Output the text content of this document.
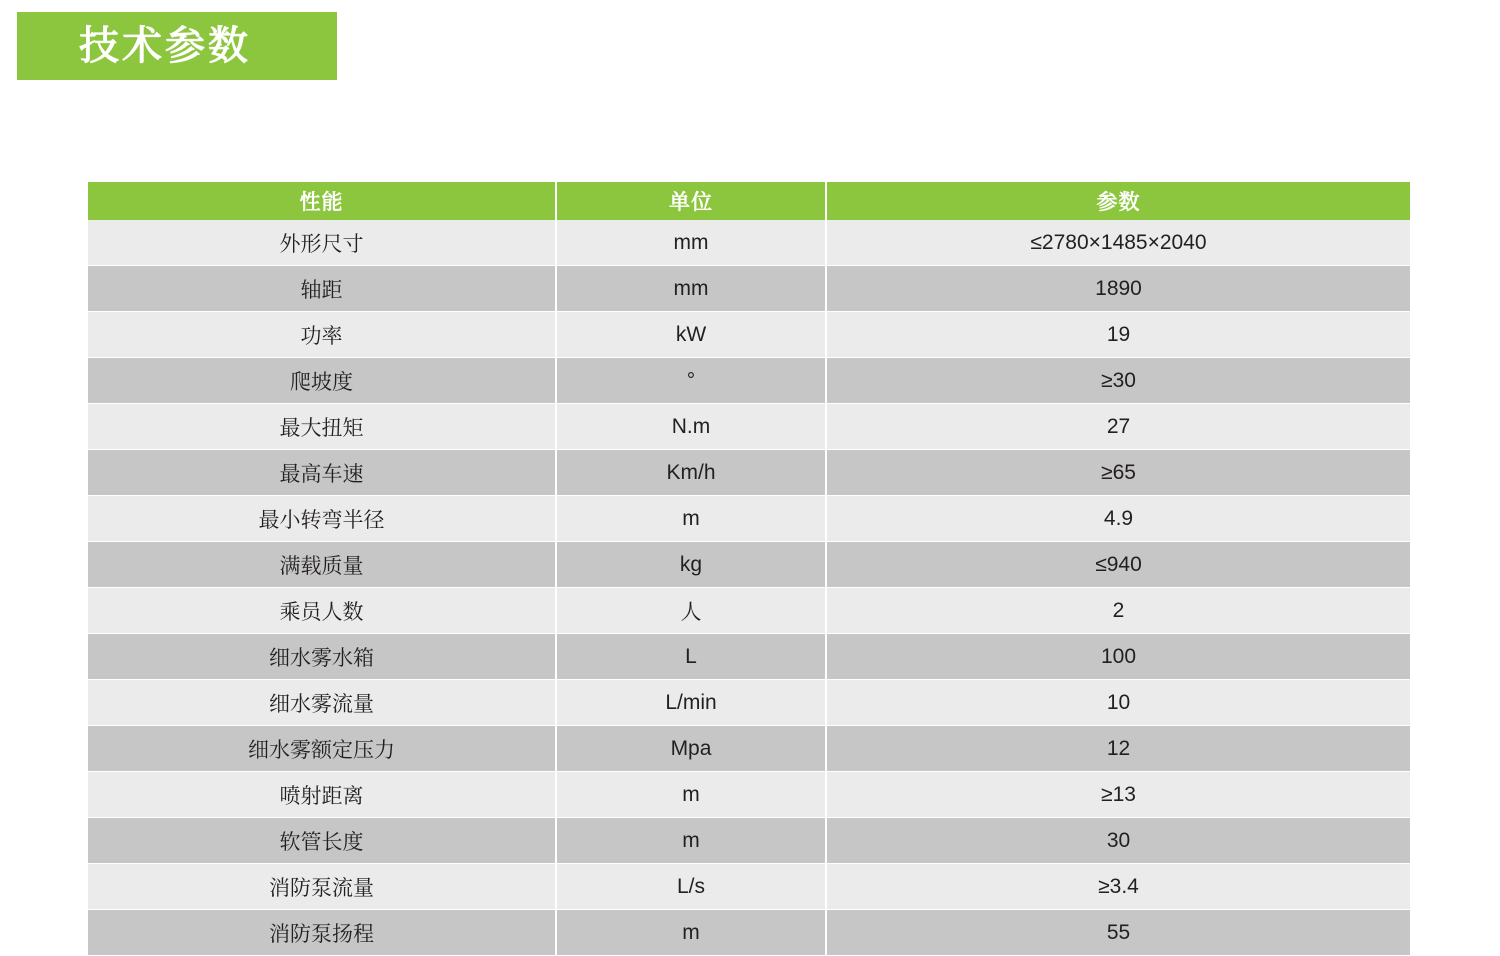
技术参数
性能	单位	参数
外形尺寸	mm	≤2780×1485×2040
轴距	mm	1890
功率	kW	19
爬坡度	°	≥30
最大扭矩	N.m	27
最高车速	Km/h	≥65
最小转弯半径	m	4.9
满载质量	kg	≤940
乘员人数	人	2
细水雾水箱	L	100
细水雾流量	L/min	10
细水雾额定压力	Mpa	12
喷射距离	m	≥13
软管长度	m	30
消防泵流量	L/s	≥3.4
消防泵扬程	m	55
